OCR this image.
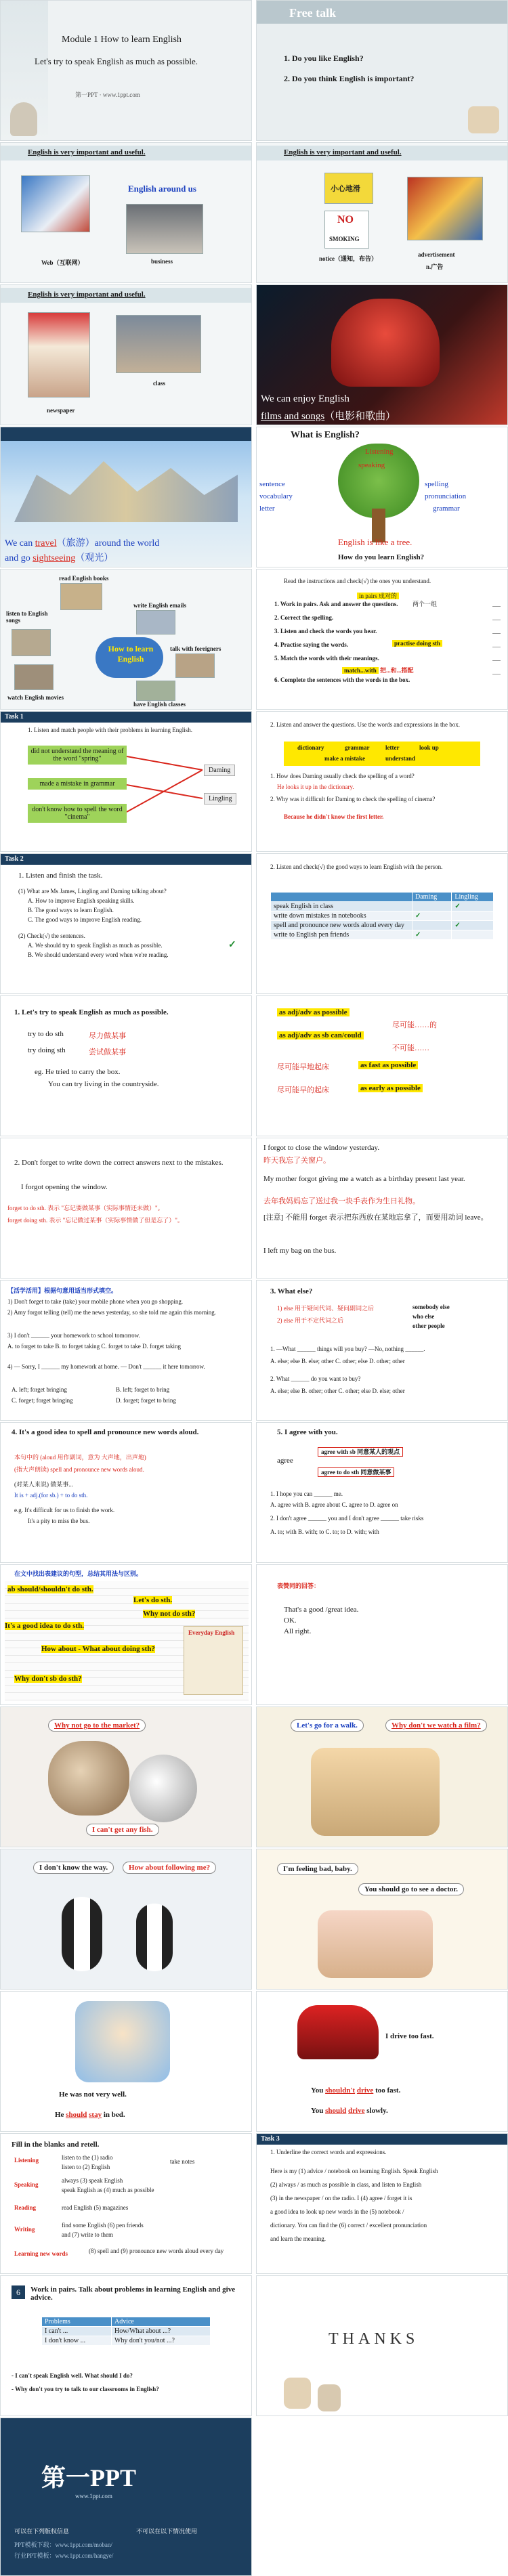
Module 1 How to learn English
Let's try to speak English as much as possible.
第一PPT · www.1ppt.com
Free talk
1. Do you like English?
2. Do you think English is important?
English is very important and useful.
English around us
Web（互联网）	business
English is very important and useful.
小心地滑
NO
SMOKING
notice（通知，布告）
advertisement
n.广告
English is very important and useful.
class
newspaper
We can enjoy English
films and songs（电影和歌曲）
We can travel（旅游）around the world
and go sightseeing（观光）
What is English?
Listening
speaking
sentence	spelling
vocabulary	pronunciation
letter	grammar
English is like a tree.
How do you learn English?
read English books
listen to English songs
write English emails
How to learn English
talk with foreigners
watch English movies
have English classes
Read the instructions and check(√) the ones you understand.
in pairs 成对的
两个一组
1. Work in pairs. Ask and answer the questions.
2. Correct the spelling.
3. Listen and check the words you hear.
4. Practise saying the words.	practise doing sth
5. Match the words with their meanings.
match...with 把...和...搭配
6. Complete the sentences with the words in the box.
Task 1
1. Listen and match people with their problems in learning English.
did not understand the meaning of the word "spring"
made a mistake in grammar
don't know how to spell the word "cinema"
Daming
Lingling
2. Listen and answer the questions. Use the words and expressions in the box.
dictionary	grammar	letter	look up
make a mistake	understand
1. How does Daming usually check the spelling of a word?
He looks it up in the dictionary.
2. Why was it difficult for Daming to check the spelling of cinema?
Because he didn't know the first letter.
Task 2
1. Listen and finish the task.
(1) What are Ms James, Lingling and Daming talking about?
A. How to improve English speaking skills.
B. The good ways to learn English.
C. The good ways to improve English reading.
(2) Check(√) the sentences.
A. We should try to speak English as much as possible.
B. We should understand every word when we're reading.
✓
2. Listen and check(√) the good ways to learn English with the person.
	Daming	Lingling
speak English in class		✓
write down mistakes in notebooks	✓	
spell and pronounce new words aloud every day		✓
write to English pen friends	✓	
1. Let's try to speak English as much as possible.
try to do sth	尽力做某事
try doing sth	尝试做某事
eg. He tried to carry the box.
You can try living in the countryside.
as adj/adv as possible
尽可能……的
as adj/adv as sb can/could
不可能……
尽可能早地起床	as fast as possible
尽可能早的起床	as early as possible
2. Don't forget to write down the correct answers next to the mistakes.
I forgot opening the window.
forget to do sth. 表示 "忘记要做某事（实际事情还未做）"。
forget doing sth. 表示 "忘记做过某事（实际事情做了但是忘了）"。
I forgot to close the window yesterday.
昨天我忘了关窗户。
My mother forgot giving me a watch as a birthday present last year.
去年我妈妈忘了送过我一块手表作为生日礼物。
[注意] 不能用 forget 表示把东西放在某地忘拿了，而要用动词 leave。
I left my bag on the bus.
【活学活用】根据句意用适当形式填空。
1) Don't forget to take (take) your mobile phone when you go shopping.
2) Amy forgot telling (tell) me the news yesterday, so she told me again this morning.
3) I don't ______ your homework to school tomorrow.
A. to forget to take B. to forget taking C. forget to take D. forget taking
4) — Sorry, I ______ my homework at home. — Don't ______ it here tomorrow.
A. left; forget bringing	B. left; forget to bring
C. forget; forget bringing	D. forget; forget to bring
3. What else?
1) else 用于疑问代词、疑问副词之后
2) else 用于不定代词之后
somebody else
who else
other people
1. —What ______ things will you buy? —No, nothing ______.
A. else; else B. else; other C. other; else D. other; other
2. What ______ do you want to buy?
A. else; else B. other; other C. other; else D. else; other
4. It's a good idea to spell and pronounce new words aloud.
本句中的 (aloud 用作副词，意为 大声地，出声地)
(指大声朗读) spell and pronounce new words aloud.
(对某人来说) 做某事...
It is + adj.(for sb.) + to do sth.
e.g. It's difficult for us to finish the work.
It's a pity to miss the bus.
5. I agree with you.
agree with sb 同意某人的观点
agree
agree to do sth 同意做某事
1. I hope you can ______ me.
A. agree with B. agree about C. agree to D. agree on
2. I don't agree ______ you and I don't agree ______ take risks
A. to; with B. with; to C. to; to D. with; with
在文中找出表建议的句型，总结其用法与区别。
ab should/shouldn't do sth.
Let's do sth.
Why not do sth?
It's a good idea to do sth.
How about - What about doing sth?
Why don't sb do sth?
Everyday English
表赞同的回答：
That's a good /great idea.
OK.
All right.
Why not go to the market?
I can't get any fish.
Let's go for a walk.	Why don't we watch a film?
I don't know the way.	How about following me?	I'm feeling bad, baby.
You should go to see a doctor.
He was not very well.
He should stay in bed.
I drive too fast.
You shouldn't drive too fast.
You should drive slowly.
Fill in the blanks and retell.
Listening	listen to the (1) radio
listen to (2) English
take notes
Speaking
always (3) speak English
speak English as (4) much as possible
Reading	read English (5) magazines
Writing
find some English (6) pen friends
and (7) write to them
Learning new words	(8) spell and (9) pronounce new words aloud every day
Task 3
1. Underline the correct words and expressions.
Here is my (1) advice / notebook on learning English. Speak English
(2) always / as much as possible in class, and listen to English
(3) in the newspaper / on the radio. I (4) agree / forget it is
a good idea to look up new words in the (5) notebook /
dictionary. You can find the (6) correct / excellent pronunciation
and learn the meaning.
6	Work in pairs. Talk about problems in learning English and give advice.
Problems	Advice
I can't ...	How/What about ...?
I don't know ...	Why don't you/not ...?
- I can't speak English well. What should I do?
- Why don't you try to talk to our classrooms in English?
THANKS
第一PPT
www.1ppt.com
可以在下列版权信息	不可以在以下情况使用
PPT模板下载：www.1ppt.com/moban/
行业PPT模板：www.1ppt.com/hangye/
